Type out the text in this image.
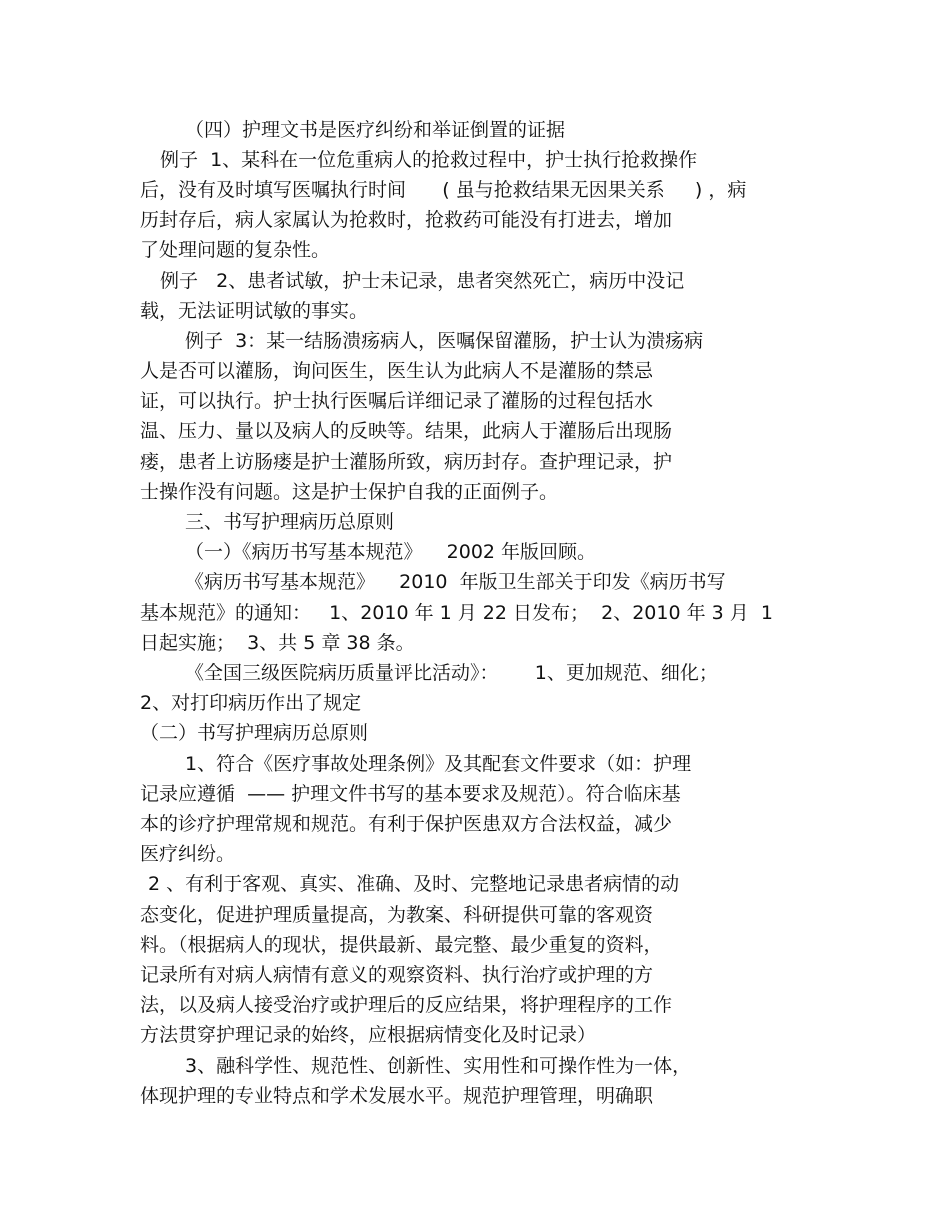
（四）护理文书是医疗纠纷和举证倒置的证据
例子  1、某科在一位危重病人的抢救过程中，护士执行抢救操作
后，没有及时填写医嘱执行时间      ( 虽与抢救结果无因果关系     ) ，病
历封存后，病人家属认为抢救时，抢救药可能没有打进去，增加
了处理问题的复杂性。
例子   2、患者试敏，护士未记录，患者突然死亡，病历中没记
载，无法证明试敏的事实。
例子  3：某一结肠溃疡病人，医嘱保留灌肠，护士认为溃疡病
人是否可以灌肠，询问医生，医生认为此病人不是灌肠的禁忌
证，可以执行。护士执行医嘱后详细记录了灌肠的过程包括水
温、压力、量以及病人的反映等。结果，此病人于灌肠后出现肠
瘘，患者上访肠瘘是护士灌肠所致，病历封存。查护理记录，护
士操作没有问题。这是护士保护自我的正面例子。
三、书写护理病历总原则
（一）《病历书写基本规范》    2002 年版回顾。
《病历书写基本规范》    2010  年版卫生部关于印发《病历书写
基本规范》的通知：   1、2010 年 1 月 22 日发布；  2、2010 年 3 月  1
日起实施；  3、共 5 章 38 条。
《全国三级医院病历质量评比活动》：      1、更加规范、细化；
2、对打印病历作出了规定
（二）书写护理病历总原则
1、符合《医疗事故处理条例》及其配套文件要求（如：护理
记录应遵循  —— 护理文件书写的基本要求及规范）。符合临床基
本的诊疗护理常规和规范。有利于保护医患双方合法权益，减少
医疗纠纷。
2 、有利于客观、真实、准确、及时、完整地记录患者病情的动
态变化，促进护理质量提高，为教案、科研提供可靠的客观资
料。（根据病人的现状，提供最新、最完整、最少重复的资料，
记录所有对病人病情有意义的观察资料、执行治疗或护理的方
法，以及病人接受治疗或护理后的反应结果，将护理程序的工作
方法贯穿护理记录的始终，应根据病情变化及时记录）
3、融科学性、规范性、创新性、实用性和可操作性为一体，
体现护理的专业特点和学术发展水平。规范护理管理，明确职
